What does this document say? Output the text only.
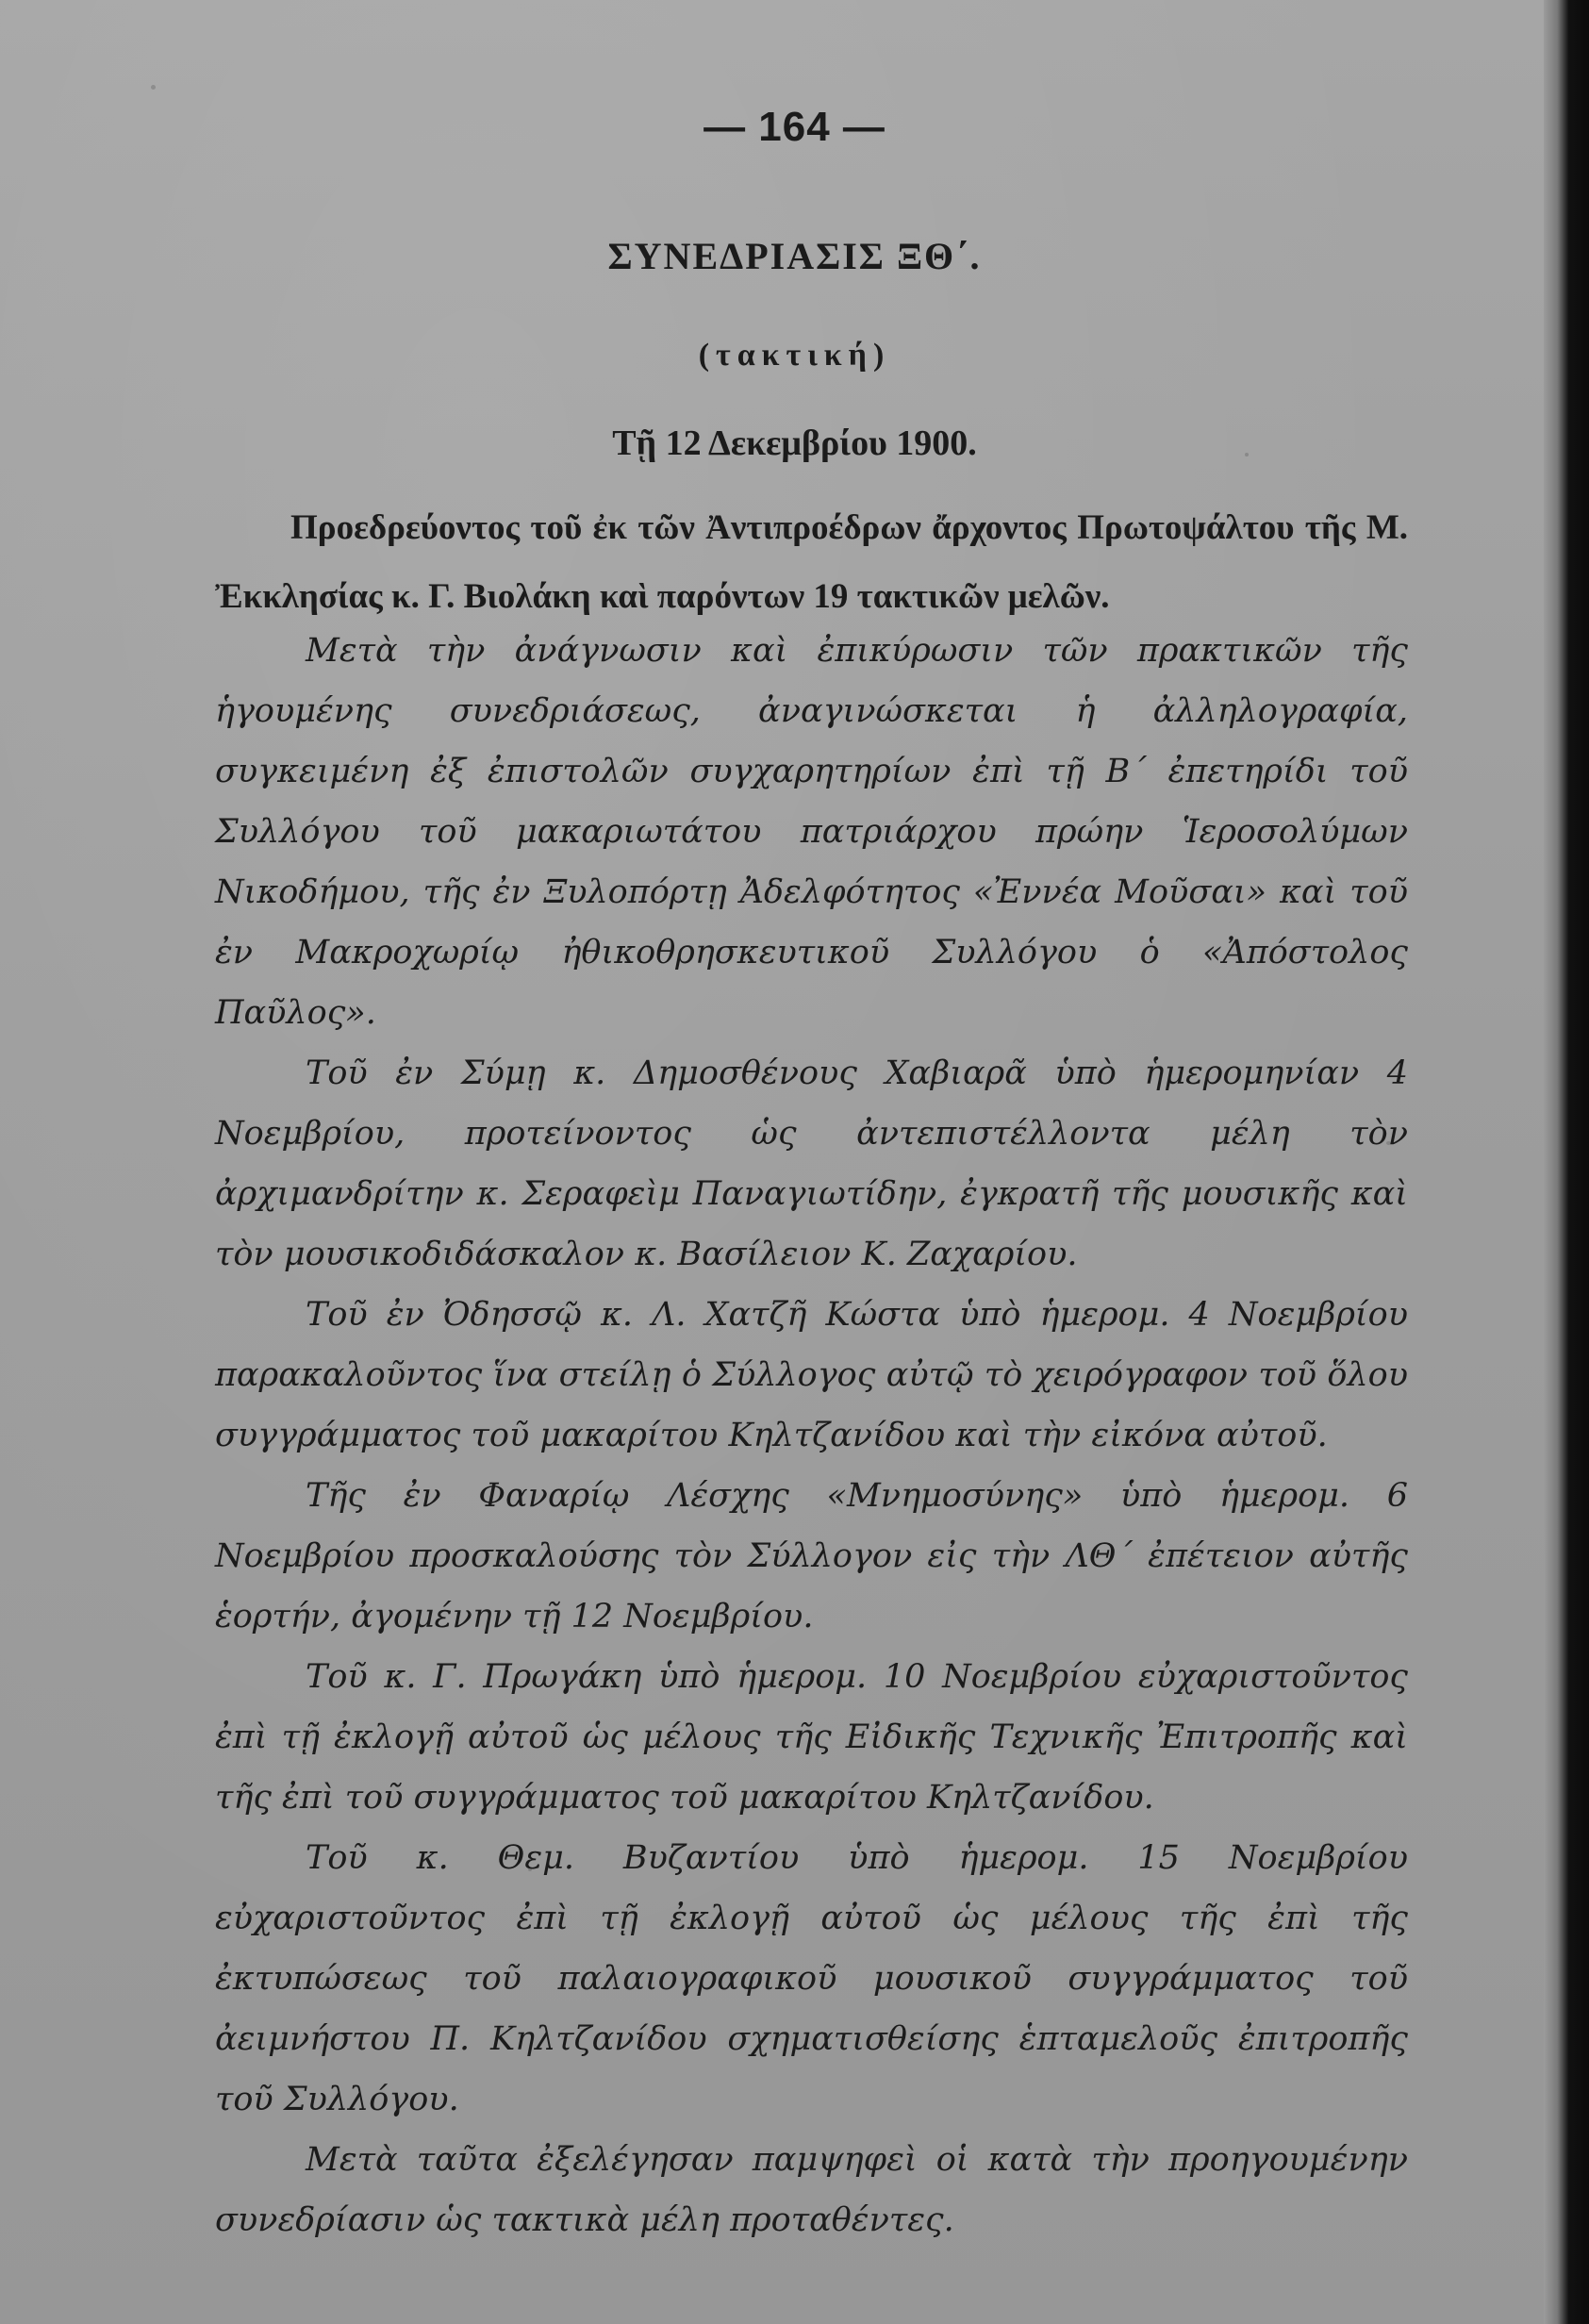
— 164 —
ΣΥΝΕΔΡΙΑΣΙΣ ΞΘ΄.
(τακτική)
Τῇ 12 Δεκεμβρίου 1900.
Προεδρεύοντος τοῦ ἐκ τῶν Ἀντιπροέδρων ἄρχοντος Πρωτοψάλτου τῆς Μ. Ἐκκλησίας κ. Γ. Βιολάκη καὶ παρόντων 19 τακτικῶν μελῶν.

Μετὰ τὴν ἀνάγνωσιν καὶ ἐπικύρωσιν τῶν πρακτικῶν τῆς ἡγουμένης συνεδριάσεως, ἀναγινώσκεται ἡ ἀλληλογραφία, συγκειμένη ἐξ ἐπιστολῶν συγχαρητηρίων ἐπὶ τῇ Β΄ ἐπετηρίδι τοῦ Συλλόγου τοῦ μακαριωτάτου πατριάρχου πρώην Ἱεροσολύμων Νικοδήμου, τῆς ἐν Ξυλοπόρτῃ Ἀδελφότητος «Ἐννέα Μοῦσαι» καὶ τοῦ ἐν Μακροχωρίῳ ἠθικοθρησκευτικοῦ Συλλόγου ὁ «Ἀπόστολος Παῦλος».

Τοῦ ἐν Σύμῃ κ. Δημοσθένους Χαβιαρᾶ ὑπὸ ἡμερομηνίαν 4 Νοεμβρίου, προτείνοντος ὡς ἀντεπιστέλλοντα μέλη τὸν ἀρχιμανδρίτην κ. Σεραφεὶμ Παναγιωτίδην, ἐγκρατῆ τῆς μουσικῆς καὶ τὸν μουσικοδιδάσκαλον κ. Βασίλειον Κ. Ζαχαρίου.

Τοῦ ἐν Ὀδησσῷ κ. Λ. Χατζῆ Κώστα ὑπὸ ἡμερομ. 4 Νοεμβρίου παρακαλοῦντος ἵνα στείλῃ ὁ Σύλλογος αὐτῷ τὸ χειρόγραφον τοῦ ὅλου συγγράμματος τοῦ μακαρίτου Κηλτζανίδου καὶ τὴν εἰκόνα αὐτοῦ.

Τῆς ἐν Φαναρίῳ Λέσχης «Μνημοσύνης» ὑπὸ ἡμερομ. 6 Νοεμβρίου προσκαλούσης τὸν Σύλλογον εἰς τὴν ΛΘ΄ ἐπέτειον αὐτῆς ἑορτήν, ἀγομένην τῇ 12 Νοεμβρίου.

Τοῦ κ. Γ. Πρωγάκη ὑπὸ ἡμερομ. 10 Νοεμβρίου εὐχαριστοῦντος ἐπὶ τῇ ἐκλογῇ αὐτοῦ ὡς μέλους τῆς Εἰδικῆς Τεχνικῆς Ἐπιτροπῆς καὶ τῆς ἐπὶ τοῦ συγγράμματος τοῦ μακαρίτου Κηλτζανίδου.

Τοῦ κ. Θεμ. Βυζαντίου ὑπὸ ἡμερομ. 15 Νοεμβρίου εὐχαριστοῦντος ἐπὶ τῇ ἐκλογῇ αὐτοῦ ὡς μέλους τῆς ἐπὶ τῆς ἐκτυπώσεως τοῦ παλαιογραφικοῦ μουσικοῦ συγγράμματος τοῦ ἀειμνήστου Π. Κηλτζανίδου σχηματισθείσης ἑπταμελοῦς ἐπιτροπῆς τοῦ Συλλόγου.

Μετὰ ταῦτα ἐξελέγησαν παμψηφεὶ οἱ κατὰ τὴν προηγουμένην συνεδρίασιν ὡς τακτικὰ μέλη προταθέντες.
